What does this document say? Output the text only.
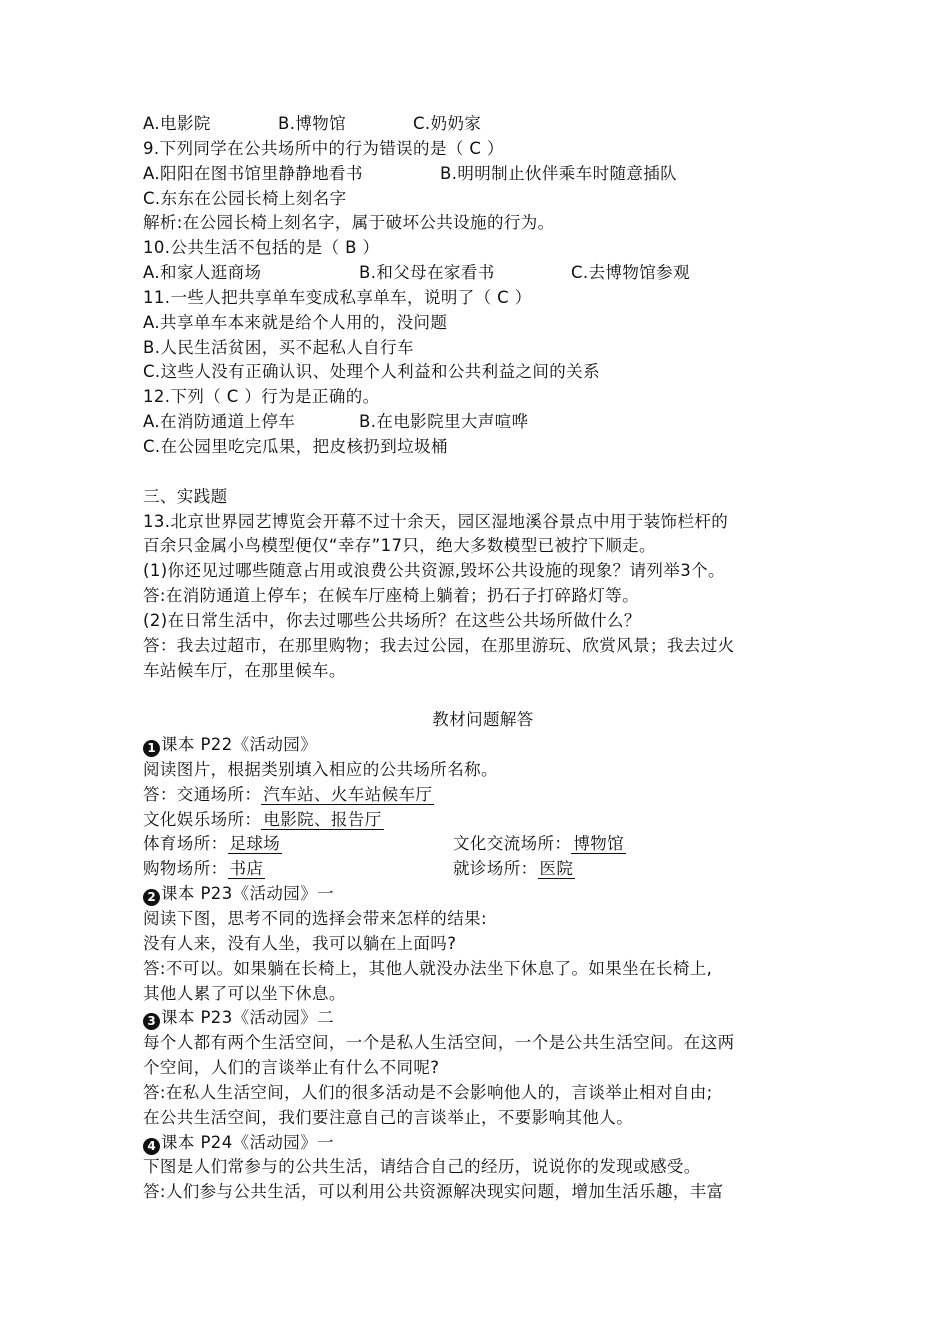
A.电影院	B.博物馆	C.奶奶家
9.下列同学在公共场所中的行为错误的是（ C ）
A.阳阳在图书馆里静静地看书	B.明明制止伙伴乘车时随意插队
C.东东在公园长椅上刻名字
解析:在公园长椅上刻名字，属于破坏公共设施的行为。
10.公共生活不包括的是（ B ）
A.和家人逛商场	B.和父母在家看书	C.去博物馆参观
11.一些人把共享单车变成私享单车，说明了（ C ）
A.共享单车本来就是给个人用的，没问题
B.人民生活贫困，买不起私人自行车
C.这些人没有正确认识、处理个人利益和公共利益之间的关系
12.下列（ C ）行为是正确的。
A.在消防通道上停车	B.在电影院里大声喧哗
C.在公园里吃完瓜果，把皮核扔到垃圾桶
三、实践题
13.北京世界园艺博览会开幕不过十余天，园区湿地溪谷景点中用于装饰栏杆的
百余只金属小鸟模型便仅“幸存”17只，绝大多数模型已被拧下顺走。
(1)你还见过哪些随意占用或浪费公共资源,毁坏公共设施的现象？请列举3个。
答:在消防通道上停车；在候车厅座椅上躺着；扔石子打碎路灯等。
(2)在日常生活中，你去过哪些公共场所？在这些公共场所做什么？
答：我去过超市，在那里购物；我去过公园，在那里游玩、欣赏风景；我去过火
车站候车厅，在那里候车。
教材问题解答
1 课本 P22《活动园》
阅读图片，根据类别填入相应的公共场所名称。
答：交通场所： 汽车站、火车站候车厅
文化娱乐场所： 电影院、报告厅
体育场所： 足球场	文化交流场所： 博物馆
购物场所： 书店	就诊场所： 医院
2 课本 P23《活动园》一
阅读下图，思考不同的选择会带来怎样的结果:
没有人来，没有人坐，我可以躺在上面吗?
答:不可以。如果躺在长椅上，其他人就没办法坐下休息了。如果坐在长椅上,
其他人累了可以坐下休息。
3 课本 P23《活动园》二
每个人都有两个生活空间，一个是私人生活空间，一个是公共生活空间。在这两
个空间，人们的言谈举止有什么不同呢?
答:在私人生活空间，人们的很多活动是不会影响他人的，言谈举止相对自由;
在公共生活空间，我们要注意自己的言谈举止，不要影响其他人。
4 课本 P24《活动园》一
下图是人们常参与的公共生活，请结合自己的经历，说说你的发现或感受。
答:人们参与公共生活，可以利用公共资源解决现实问题，增加生活乐趣，丰富
